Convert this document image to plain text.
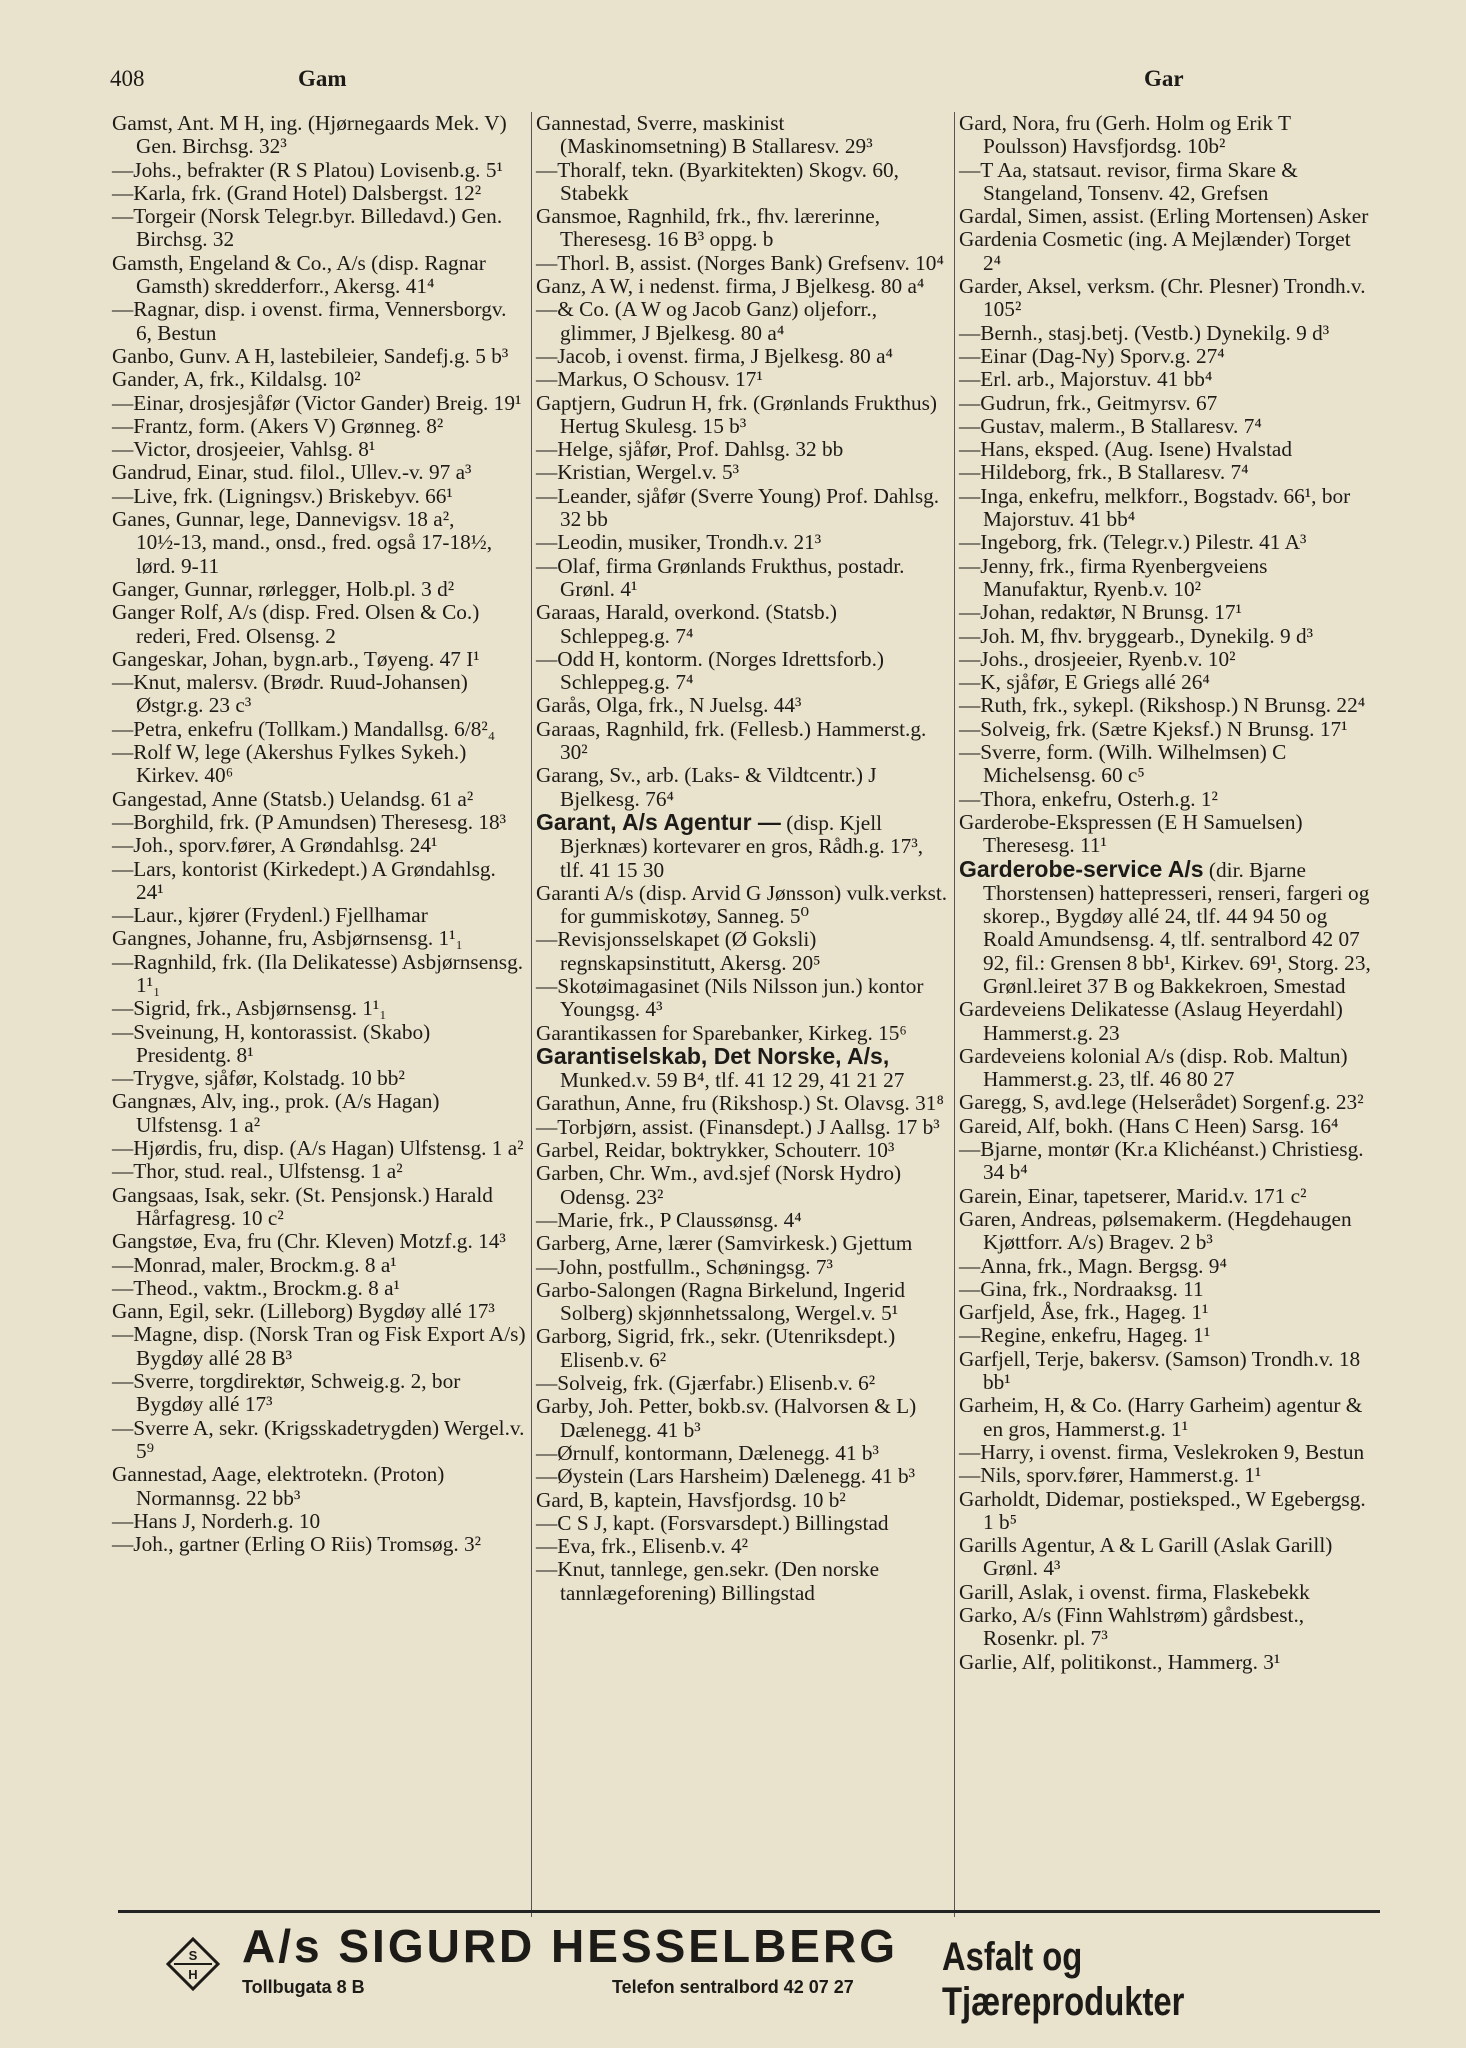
408	Gam	Gar
Gamst, Ant. M H, ing. (Hjørnegaards Mek. V) Gen. Birchsg. 32³
—Johs., befrakter (R S Platou) Lovisenb.g. 5¹
—Karla, frk. (Grand Hotel) Dalsbergst. 12²
—Torgeir (Norsk Telegr.byr. Billedavd.) Gen. Birchsg. 32
Gamsth, Engeland & Co., A/s (disp. Ragnar Gamsth) skredderforr., Akersg. 41⁴
—Ragnar, disp. i ovenst. firma, Vennersborgv. 6, Bestun
Ganbo, Gunv. A H, lastebileier, Sandefj.g. 5 b³
Gander, A, frk., Kildalsg. 10²
—Einar, drosjesjåfør (Victor Gander) Breig. 19¹
—Frantz, form. (Akers V) Grønneg. 8²
—Victor, drosjeeier, Vahlsg. 8¹
Gandrud, Einar, stud. filol., Ullev.-v. 97 a³
—Live, frk. (Ligningsv.) Briskebyv. 66¹
Ganes, Gunnar, lege, Dannevigsv. 18 a², 10½-13, mand., onsd., fred. også 17-18½, lørd. 9-11
Ganger, Gunnar, rørlegger, Holb.pl. 3 d²
Ganger Rolf, A/s (disp. Fred. Olsen & Co.) rederi, Fred. Olsensg. 2
Gangeskar, Johan, bygn.arb., Tøyeng. 47 I¹
—Knut, malersv. (Brødr. Ruud-Johansen) Østgr.g. 23 c³
—Petra, enkefru (Tollkam.) Mandallsg. 6/8²₄
—Rolf W, lege (Akershus Fylkes Sykeh.) Kirkev. 40⁶
Gangestad, Anne (Statsb.) Uelandsg. 61 a²
—Borghild, frk. (P Amundsen) Theresesg. 18³
—Joh., sporv.fører, A Grøndahlsg. 24¹
—Lars, kontorist (Kirkedept.) A Grøndahlsg. 24¹
—Laur., kjører (Frydenl.) Fjellhamar
Gangnes, Johanne, fru, Asbjørnsensg. 1¹₁
—Ragnhild, frk. (Ila Delikatesse) Asbjørnsensg. 1¹₁
—Sigrid, frk., Asbjørnsensg. 1¹₁
—Sveinung, H, kontorassist. (Skabo) Presidentg. 8¹
—Trygve, sjåfør, Kolstadg. 10 bb²
Gangnæs, Alv, ing., prok. (A/s Hagan) Ulfstensg. 1 a²
—Hjørdis, fru, disp. (A/s Hagan) Ulfstensg. 1 a²
—Thor, stud. real., Ulfstensg. 1 a²
Gangsaas, Isak, sekr. (St. Pensjonsk.) Harald Hårfagresg. 10 c²
Gangstøe, Eva, fru (Chr. Kleven) Motzf.g. 14³
—Monrad, maler, Brockm.g. 8 a¹
—Theod., vaktm., Brockm.g. 8 a¹
Gann, Egil, sekr. (Lilleborg) Bygdøy allé 17³
—Magne, disp. (Norsk Tran og Fisk Export A/s) Bygdøy allé 28 B³
—Sverre, torgdirektør, Schweig.g. 2, bor Bygdøy allé 17³
—Sverre A, sekr. (Krigsskadetrygden) Wergel.v. 5⁹
Gannestad, Aage, elektrotekn. (Proton) Normannsg. 22 bb³
—Hans J, Norderh.g. 10
—Joh., gartner (Erling O Riis) Tromsøg. 3²
Gannestad, Sverre, maskinist (Maskinomsetning) B Stallaresv. 29³
—Thoralf, tekn. (Byarkitekten) Skogv. 60, Stabekk
Gansmoe, Ragnhild, frk., fhv. lærerinne, Theresesg. 16 B³ oppg. b
—Thorl. B, assist. (Norges Bank) Grefsenv. 10⁴
Ganz, A W, i nedenst. firma, J Bjelkesg. 80 a⁴
—& Co. (A W og Jacob Ganz) oljeforr., glimmer, J Bjelkesg. 80 a⁴
—Jacob, i ovenst. firma, J Bjelkesg. 80 a⁴
—Markus, O Schousv. 17¹
Gaptjern, Gudrun H, frk. (Grønlands Frukthus) Hertug Skulesg. 15 b³
—Helge, sjåfør, Prof. Dahlsg. 32 bb
—Kristian, Wergel.v. 5³
—Leander, sjåfør (Sverre Young) Prof. Dahlsg. 32 bb
—Leodin, musiker, Trondh.v. 21³
—Olaf, firma Grønlands Frukthus, postadr. Grønl. 4¹
Garaas, Harald, overkond. (Statsb.) Schleppeg.g. 7⁴
—Odd H, kontorm. (Norges Idrettsforb.) Schleppeg.g. 7⁴
Garås, Olga, frk., N Juelsg. 44³
Garaas, Ragnhild, frk. (Fellesb.) Hammerst.g. 30²
Garang, Sv., arb. (Laks- & Vildtcentr.) J Bjelkesg. 76⁴
Garant, A/s Agentur — (disp. Kjell Bjerknæs) kortevarer en gros, Rådh.g. 17³, tlf. 41 15 30
Garanti A/s (disp. Arvid G Jønsson) vulk.verkst. for gummiskotøy, Sanneg. 5⁰
—Revisjonsselskapet (Ø Goksli) regnskapsinstitutt, Akersg. 20⁵
—Skotøimagasinet (Nils Nilsson jun.) kontor Youngsg. 4³
Garantikassen for Sparebanker, Kirkeg. 15⁶
Garantiselskab, Det Norske, A/s, Munked.v. 59 B⁴, tlf. 41 12 29, 41 21 27
Garathun, Anne, fru (Rikshosp.) St. Olavsg. 31⁸
—Torbjørn, assist. (Finansdept.) J Aallsg. 17 b³
Garbel, Reidar, boktrykker, Schouterr. 10³
Garben, Chr. Wm., avd.sjef (Norsk Hydro) Odensg. 23²
—Marie, frk., P Claussønsg. 4⁴
Garberg, Arne, lærer (Samvirkesk.) Gjettum
—John, postfullm., Schøningsg. 7³
Garbo-Salongen (Ragna Birkelund, Ingerid Solberg) skjønnhetssalong, Wergel.v. 5¹
Garborg, Sigrid, frk., sekr. (Utenriksdept.) Elisenb.v. 6²
—Solveig, frk. (Gjærfabr.) Elisenb.v. 6²
Garby, Joh. Petter, bokb.sv. (Halvorsen & L) Dælenegg. 41 b³
—Ørnulf, kontormann, Dælenegg. 41 b³
—Øystein (Lars Harsheim) Dælenegg. 41 b³
Gard, B, kaptein, Havsfjordsg. 10 b²
—C S J, kapt. (Forsvarsdept.) Billingstad
—Eva, frk., Elisenb.v. 4²
—Knut, tannlege, gen.sekr. (Den norske tannlægeforening) Billingstad
Gard, Nora, fru (Gerh. Holm og Erik T Poulsson) Havsfjordsg. 10b²
—T Aa, statsaut. revisor, firma Skare & Stangeland, Tonsenv. 42, Grefsen
Gardal, Simen, assist. (Erling Mortensen) Asker
Gardenia Cosmetic (ing. A Mejlænder) Torget 2⁴
Garder, Aksel, verksm. (Chr. Plesner) Trondh.v. 105²
—Bernh., stasj.betj. (Vestb.) Dynekilg. 9 d³
—Einar (Dag-Ny) Sporv.g. 27⁴
—Erl. arb., Majorstuv. 41 bb⁴
—Gudrun, frk., Geitmyrsv. 67
—Gustav, malerm., B Stallaresv. 7⁴
—Hans, eksped. (Aug. Isene) Hvalstad
—Hildeborg, frk., B Stallaresv. 7⁴
—Inga, enkefru, melkforr., Bogstadv. 66¹, bor Majorstuv. 41 bb⁴
—Ingeborg, frk. (Telegr.v.) Pilestr. 41 A³
—Jenny, frk., firma Ryenbergveiens Manufaktur, Ryenb.v. 10²
—Johan, redaktør, N Brunsg. 17¹
—Joh. M, fhv. bryggearb., Dynekilg. 9 d³
—Johs., drosjeeier, Ryenb.v. 10²
—K, sjåfør, E Griegs allé 26⁴
—Ruth, frk., sykepl. (Rikshosp.) N Brunsg. 22⁴
—Solveig, frk. (Sætre Kjeksf.) N Brunsg. 17¹
—Sverre, form. (Wilh. Wilhelmsen) C Michelsensg. 60 c⁵
—Thora, enkefru, Osterh.g. 1²
Garderobe-Ekspressen (E H Samuelsen) Theresesg. 11¹
Garderobe-service A/s (dir. Bjarne Thorstensen) hattepresseri, renseri, fargeri og skorep., Bygdøy allé 24, tlf. 44 94 50 og Roald Amundsensg. 4, tlf. sentralbord 42 07 92, fil.: Grensen 8 bb¹, Kirkev. 69¹, Storg. 23, Grønl.leiret 37 B og Bakkekroen, Smestad
Gardeveiens Delikatesse (Aslaug Heyerdahl) Hammerst.g. 23
Gardeveiens kolonial A/s (disp. Rob. Maltun) Hammerst.g. 23, tlf. 46 80 27
Garegg, S, avd.lege (Helserådet) Sorgenf.g. 23²
Gareid, Alf, bokh. (Hans C Heen) Sarsg. 16⁴
—Bjarne, montør (Kr.a Klichéanst.) Christiesg. 34 b⁴
Garein, Einar, tapetserer, Marid.v. 171 c²
Garen, Andreas, pølsemakerm. (Hegdehaugen Kjøttforr. A/s) Bragev. 2 b³
—Anna, frk., Magn. Bergsg. 9⁴
—Gina, frk., Nordraaksg. 11
Garfjeld, Åse, frk., Hageg. 1¹
—Regine, enkefru, Hageg. 1¹
Garfjell, Terje, bakersv. (Samson) Trondh.v. 18 bb¹
Garheim, H, & Co. (Harry Garheim) agentur & en gros, Hammerst.g. 1¹
—Harry, i ovenst. firma, Veslekroken 9, Bestun
—Nils, sporv.fører, Hammerst.g. 1¹
Garholdt, Didemar, postieksped., W Egebergsg. 1 b⁵
Garills Agentur, A & L Garill (Aslak Garill) Grønl. 4³
Garill, Aslak, i ovenst. firma, Flaskebekk
Garko, A/s (Finn Wahlstrøm) gårdsbest., Rosenkr. pl. 7³
Garlie, Alf, politikonst., Hammerg. 3¹
S
H
A/s SIGURD HESSELBERG
Tollbugata 8 B	Telefon sentralbord 42 07 27
Asfalt og Tjæreprodukter
